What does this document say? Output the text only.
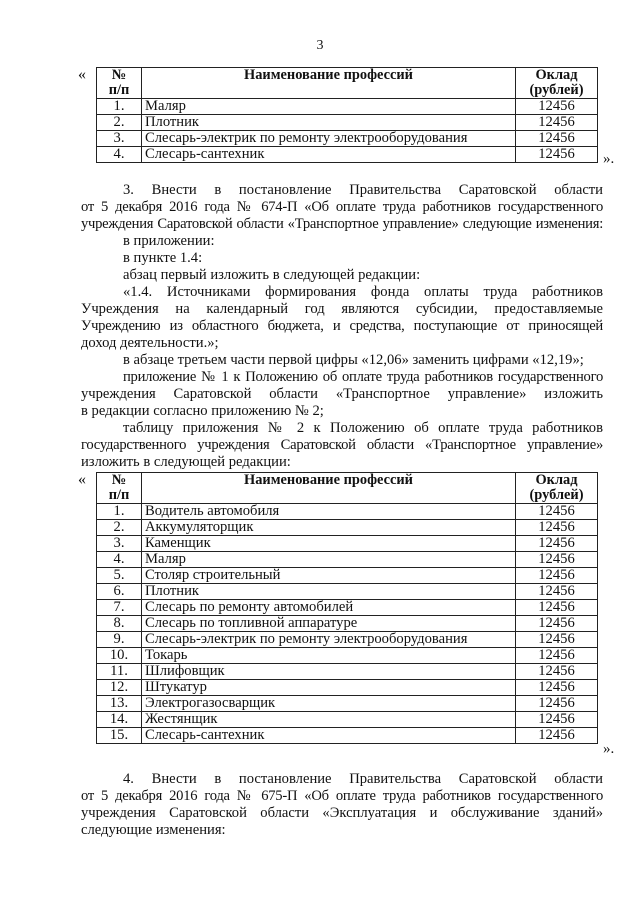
3
« №
п/п	Наименование профессий	Оклад
(рублей)
1.	Маляр	12456
2.	Плотник	12456
3.	Слесарь-электрик по ремонту электрооборудования	12456
4.	Слесарь-сантехник	12456 ».

3. Внести в постановление Правительства Саратовской области

от 5 декабря 2016 года № 674-П «Об оплате труда работников государственного

учреждения Саратовской области «Транспортное управление» следующие изменения:

в приложении:

в пункте 1.4:

абзац первый изложить в следующей редакции:

«1.4. Источниками формирования фонда оплаты труда работников

Учреждения на календарный год являются субсидии, предоставляемые

Учреждению из областного бюджета, и средства, поступающие от приносящей

доход деятельности.»;

в абзаце третьем части первой цифры «12,06» заменить цифрами «12,19»;

приложение № 1 к Положению об оплате труда работников государственного

учреждения Саратовской области «Транспортное управление» изложить

в редакции согласно приложению № 2;

таблицу приложения № 2 к Положению об оплате труда работников

государственного учреждения Саратовской области «Транспортное управление»

изложить в следующей редакции:

« №
п/п	Наименование профессий	Оклад
(рублей)
1.	Водитель автомобиля	12456
2.	Аккумуляторщик	12456
3.	Каменщик	12456
4.	Маляр	12456
5.	Столяр строительный	12456
6.	Плотник	12456
7.	Слесарь по ремонту автомобилей	12456
8.	Слесарь по топливной аппаратуре	12456
9.	Слесарь-электрик по ремонту электрооборудования	12456
10.	Токарь	12456
11.	Шлифовщик	12456
12.	Штукатур	12456
13.	Электрогазосварщик	12456
14.	Жестянщик	12456
15.	Слесарь-сантехник	12456
».

4. Внести в постановление Правительства Саратовской области

от 5 декабря 2016 года № 675-П «Об оплате труда работников государственного

учреждения Саратовской области «Эксплуатация и обслуживание зданий»

следующие изменения:
